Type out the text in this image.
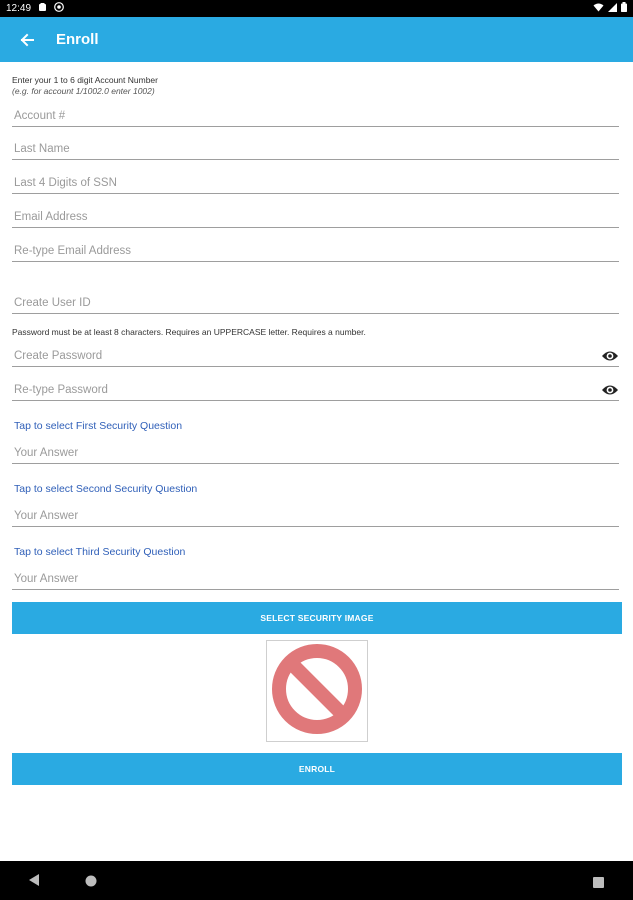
12:49
Enroll
Enter your 1 to 6 digit Account Number
(e.g. for account 1/1002.0 enter 1002)
Account #
Last Name
Last 4 Digits of SSN
Email Address
Re-type Email Address
Create User ID
Password must be at least 8 characters. Requires an UPPERCASE letter. Requires a number.
Create Password
Re-type Password
Tap to select First Security Question
Your Answer
Tap to select Second Security Question
Your Answer
Tap to select Third Security Question
Your Answer
SELECT SECURITY IMAGE
ENROLL
